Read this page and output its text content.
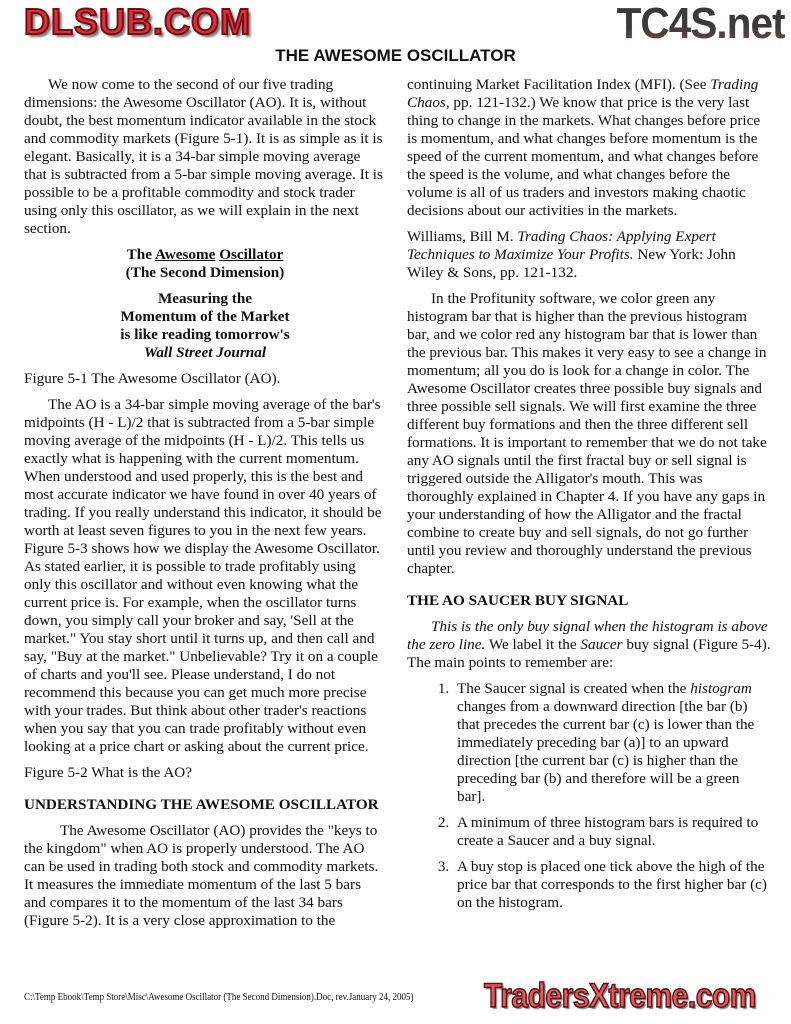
TC4S.net
DLSUB.COM
THE AWESOME OSCILLATOR
We now come to the second of our five trading dimensions: the Awesome Oscillator (AO). It is, without doubt, the best momentum indicator available in the stock and commodity markets (Figure 5-1). It is as simple as it is elegant. Basically, it is a 34-bar simple moving average that is subtracted from a 5-bar simple moving average. It is possible to be a profitable commodity and stock trader using only this oscillator, as we will explain in the next section.
The Awesome Oscillator
(The Second Dimension)
Measuring the
Momentum of the Market
is like reading tomorrow's
Wall Street Journal
Figure 5-1 The Awesome Oscillator (AO).
The AO is a 34-bar simple moving average of the bar's midpoints (H - L)/2 that is subtracted from a 5-bar simple moving average of the midpoints (H - L)/2. This tells us exactly what is happening with the current momentum. When understood and used properly, this is the best and most accurate indicator we have found in over 40 years of trading. If you really understand this indicator, it should be worth at least seven figures to you in the next few years. Figure 5-3 shows how we display the Awesome Oscillator. As stated earlier, it is possible to trade profitably using only this oscillator and without even knowing what the current price is. For example, when the oscillator turns down, you simply call your broker and say, 'Sell at the market." You stay short until it turns up, and then call and say, "Buy at the market." Unbelievable? Try it on a couple of charts and you'll see. Please understand, I do not recommend this because you can get much more precise with your trades. But think about other trader's reactions when you say that you can trade profitably without even looking at a price chart or asking about the current price.
Figure 5-2 What is the AO?
UNDERSTANDING THE AWESOME OSCILLATOR
The Awesome Oscillator (AO) provides the "keys to the kingdom" when AO is properly understood. The AO can be used in trading both stock and commodity markets. It measures the immediate momentum of the last 5 bars and compares it to the momentum of the last 34 bars (Figure 5-2). It is a very close approximation to the
continuing Market Facilitation Index (MFI). (See Trading Chaos, pp. 121-132.) We know that price is the very last thing to change in the markets. What changes before price is momentum, and what changes before momentum is the speed of the current momentum, and what changes before the speed is the volume, and what changes before the volume is all of us traders and investors making chaotic decisions about our activities in the markets.
Williams, Bill M. Trading Chaos: Applying Expert Techniques to Maximize Your Profits. New York: John Wiley & Sons, pp. 121-132.
In the Profitunity software, we color green any histogram bar that is higher than the previous histogram bar, and we color red any histogram bar that is lower than the previous bar. This makes it very easy to see a change in momentum; all you do is look for a change in color. The Awesome Oscillator creates three possible buy signals and three possible sell signals. We will first examine the three different buy formations and then the three different sell formations. It is important to remember that we do not take any AO signals until the first fractal buy or sell signal is triggered outside the Alligator's mouth. This was thoroughly explained in Chapter 4. If you have any gaps in your understanding of how the Alligator and the fractal combine to create buy and sell signals, do not go further until you review and thoroughly understand the previous chapter.
THE AO SAUCER BUY SIGNAL
This is the only buy signal when the histogram is above the zero line. We label it the Saucer buy signal (Figure 5-4). The main points to remember are:
1. The Saucer signal is created when the histogram changes from a downward direction [the bar (b) that precedes the current bar (c) is lower than the immediately preceding bar (a)] to an upward direction [the current bar (c) is higher than the preceding bar (b) and therefore will be a green bar].
2. A minimum of three histogram bars is required to create a Saucer and a buy signal.
3. A buy stop is placed one tick above the high of the price bar that corresponds to the first higher bar (c) on the histogram.
C:\Temp Ebook\Temp Store\Misc\Awesome Oscillator (The Second Dimension).Doc, rev.January 24, 2005) TradersXtreme.com
